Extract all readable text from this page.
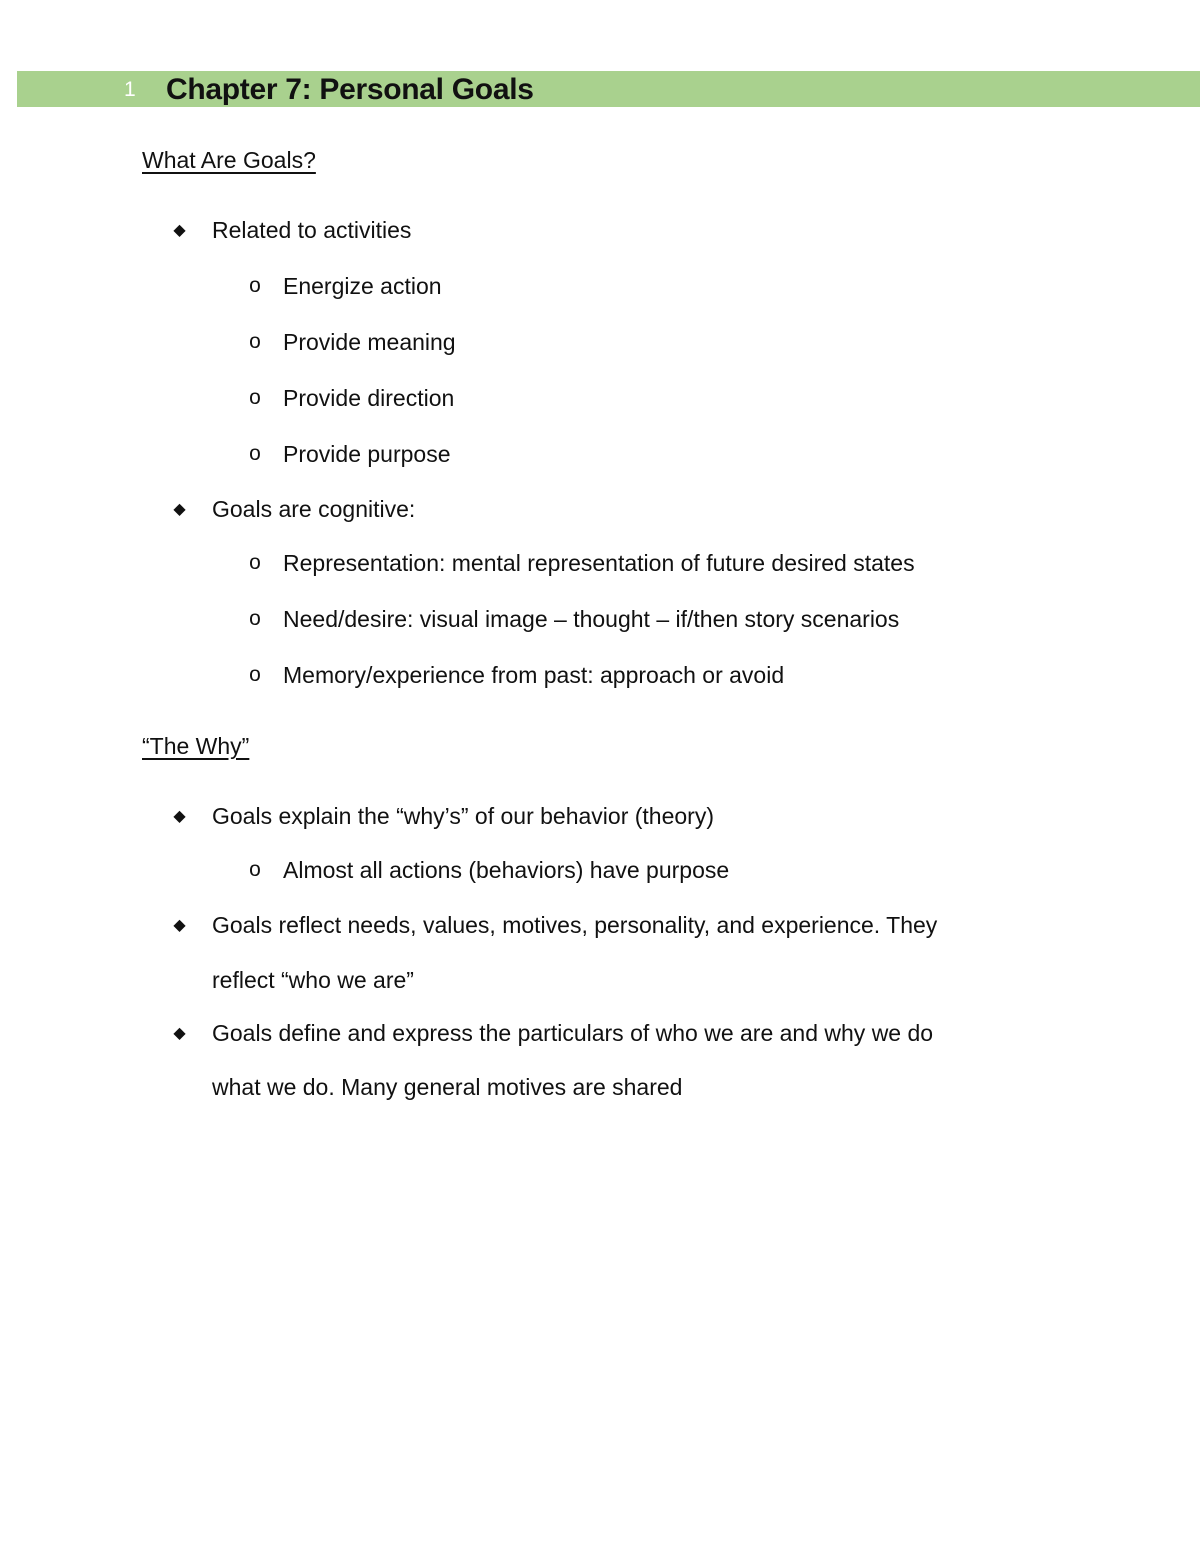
1 Chapter 7: Personal Goals
What Are Goals?
◆ Related to activities
o Energize action
o Provide meaning
o Provide direction
o Provide purpose
◆ Goals are cognitive:
o Representation: mental representation of future desired states
o Need/desire: visual image – thought – if/then story scenarios
o Memory/experience from past: approach or avoid
“The Why”
◆ Goals explain the “why’s” of our behavior (theory)
o Almost all actions (behaviors) have purpose
◆ Goals reflect needs, values, motives, personality, and experience. They
reflect “who we are”
◆ Goals define and express the particulars of who we are and why we do
what we do. Many general motives are shared
